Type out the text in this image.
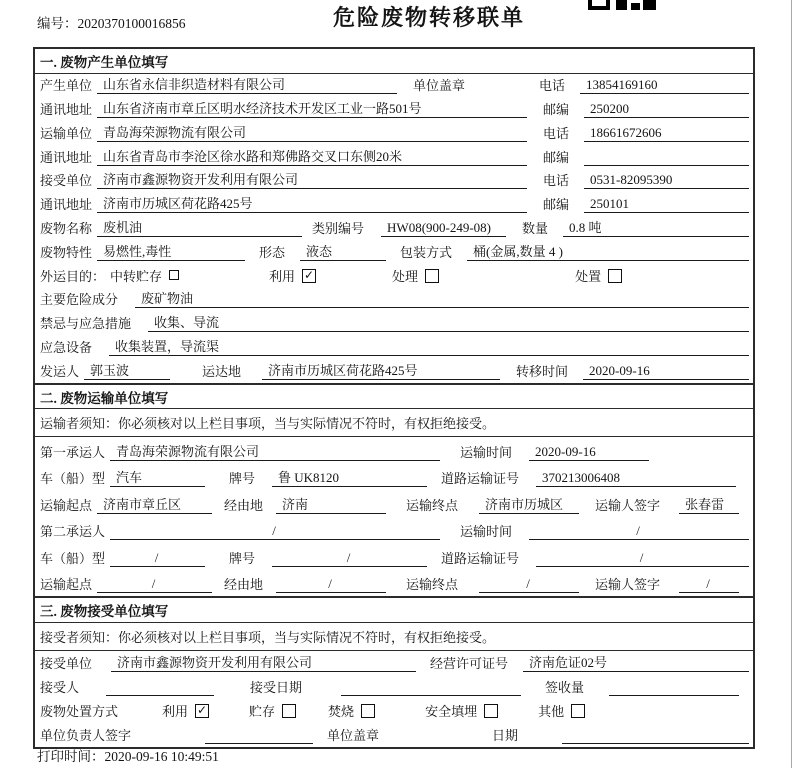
编号：2020370100016856	危险废物转移联单
一. 废物产生单位填写
产生单位 山东省永信非织造材料有限公司	单位盖章	电话	13854169160
通讯地址 山东省济南市章丘区明水经济技术开发区工业一路501号	邮编	250200
运输单位 青岛海荣源物流有限公司	电话	18661672606
通讯地址 山东省青岛市李沧区徐水路和郑佛路交叉口东侧20米	邮编
接受单位 济南市鑫源物资开发利用有限公司	电话	0531-82095390
通讯地址 济南市历城区荷花路425号	邮编	250101
废物名称 废机油	类别编号	HW08(900-249-08)	数量	0.8 吨
废物特性 易燃性,毒性	形态	液态	包装方式	桶(金属,数量 4 )
外运目的： 中转贮存	利用 ✓	处理	处置
主要危险成分	废矿物油
禁忌与应急措施	收集、导流
应急设备	收集装置，导流渠
发运人 郭玉波	运达地	济南市历城区荷花路425号	转移时间	2020-09-16
二. 废物运输单位填写
运输者须知：你必须核对以上栏目事项，当与实际情况不符时，有权拒绝接受。
第一承运人 青岛海荣源物流有限公司	运输时间	2020-09-16
车（船）型 汽车	牌号	鲁 UK8120	道路运输证号	370213006408
运输起点 济南市章丘区	经由地	济南	运输终点	济南市历城区	运输人签字	张春雷
第二承运人	/	运输时间	/
车（船）型	/	牌号	/	道路运输证号	/
运输起点	/	经由地	/	运输终点	/	运输人签字	/
三. 废物接受单位填写
接受者须知：你必须核对以上栏目事项，当与实际情况不符时，有权拒绝接受。
接受单位	济南市鑫源物资开发利用有限公司	经营许可证号	济南危证02号
接受人	接受日期	签收量
废物处置方式	利用 ✓	贮存	焚烧	安全填埋	其他
单位负责人签字	单位盖章	日期
打印时间：2020-09-16 10:49:51
